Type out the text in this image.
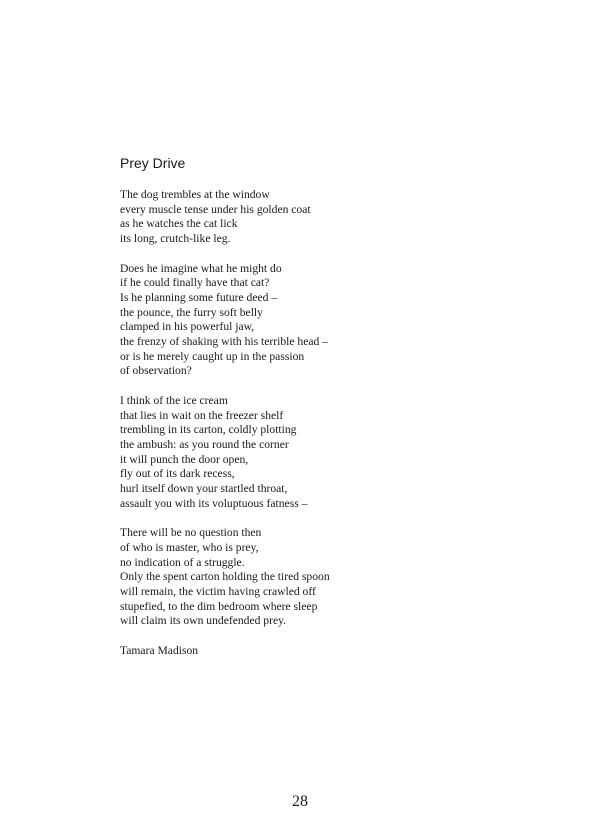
Prey Drive
The dog trembles at the window
every muscle tense under his golden coat
as he watches the cat lick
its long, crutch-like leg.
Does he imagine what he might do
if he could finally have that cat?
Is he planning some future deed –
the pounce, the furry soft belly
clamped in his powerful jaw,
the frenzy of shaking with his terrible head –
or is he merely caught up in the passion
of observation?
I think of the ice cream
that lies in wait on the freezer shelf
trembling in its carton, coldly plotting
the ambush: as you round the corner
it will punch the door open,
fly out of its dark recess,
hurl itself down your startled throat,
assault you with its voluptuous fatness –
There will be no question then
of who is master, who is prey,
no indication of a struggle.
Only the spent carton holding the tired spoon
will remain, the victim having crawled off
stupefied, to the dim bedroom where sleep
will claim its own undefended prey.
Tamara Madison
28
